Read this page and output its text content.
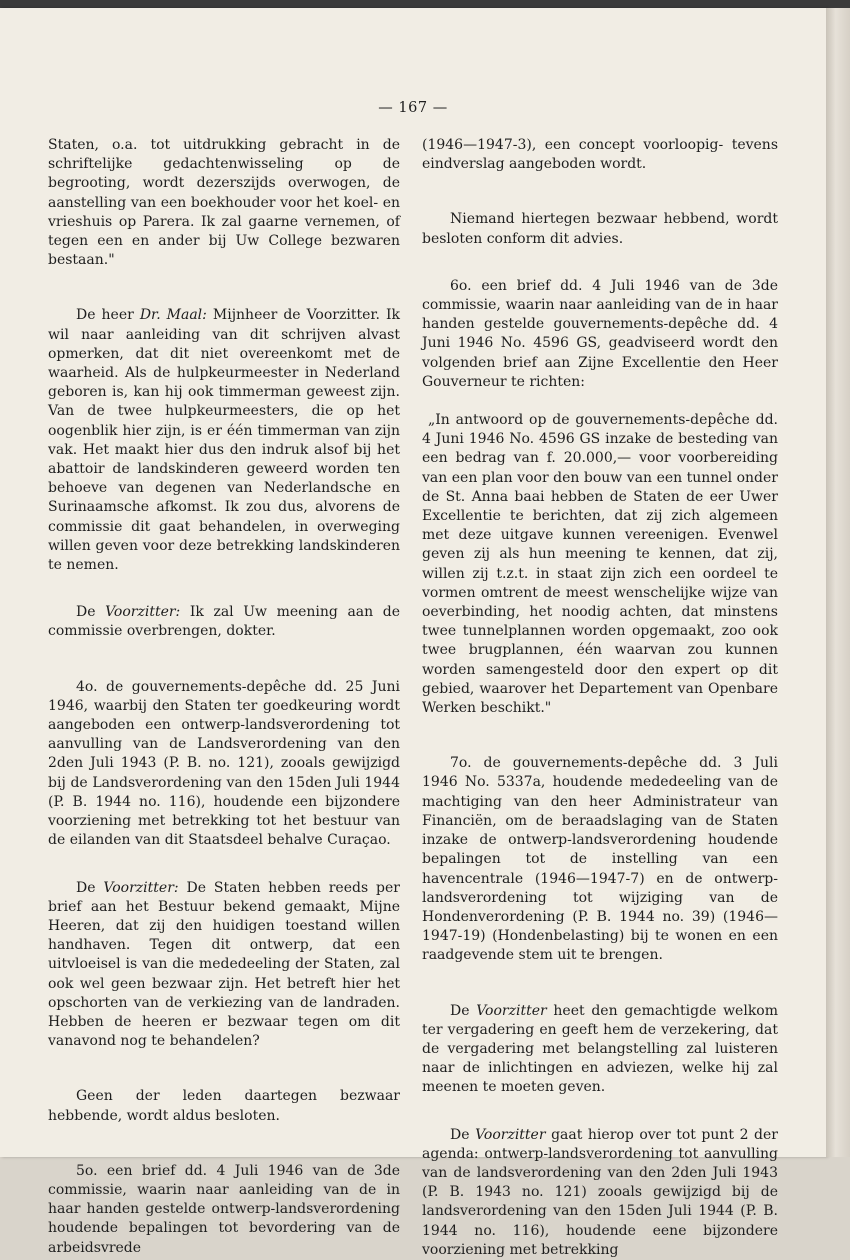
— 167 —

Staten, o.a. tot uitdrukking gebracht in de schriftelijke gedachtenwisseling op de begrooting, wordt dezerszijds overwogen, de aanstelling van een boekhouder voor het koel- en vrieshuis op Parera. Ik zal gaarne vernemen, of tegen een en ander bij Uw College bezwaren bestaan."

De heer Dr. Maal: Mijnheer de Voorzitter. Ik wil naar aanleiding van dit schrijven alvast opmerken, dat dit niet overeenkomt met de waarheid. Als de hulpkeurmeester in Nederland geboren is, kan hij ook timmerman geweest zijn. Van de twee hulpkeurmeesters, die op het oogenblik hier zijn, is er één timmerman van zijn vak. Het maakt hier dus den indruk alsof bij het abattoir de landskinderen geweerd worden ten behoeve van degenen van Nederlandsche en Surinaamsche afkomst. Ik zou dus, alvorens de commissie dit gaat behandelen, in overweging willen geven voor deze betrekking landskinderen te nemen.

De Voorzitter: Ik zal Uw meening aan de commissie overbrengen, dokter.

4o. de gouvernements-depêche dd. 25 Juni 1946, waarbij den Staten ter goedkeuring wordt aangeboden een ontwerp-landsverordening tot aanvulling van de Landsverordening van den 2den Juli 1943 (P. B. no. 121), zooals gewijzigd bij de Landsverordening van den 15den Juli 1944 (P. B. 1944 no. 116), houdende een bijzondere voorziening met betrekking tot het bestuur van de eilanden van dit Staatsdeel behalve Curaçao.

De Voorzitter: De Staten hebben reeds per brief aan het Bestuur bekend gemaakt, Mijne Heeren, dat zij den huidigen toestand willen handhaven. Tegen dit ontwerp, dat een uitvloeisel is van die mededeeling der Staten, zal ook wel geen bezwaar zijn. Het betreft hier het opschorten van de verkiezing van de landraden. Hebben de heeren er bezwaar tegen om dit vanavond nog te behandelen?

Geen der leden daartegen bezwaar hebbende, wordt aldus besloten.

5o. een brief dd. 4 Juli 1946 van de 3de commissie, waarin naar aanleiding van de in haar handen gestelde ontwerp-landsverordening houdende bepalingen tot bevordering van de arbeidsvrede

(1946—1947-3), een concept voorloopig- tevens eindverslag aangeboden wordt.

Niemand hiertegen bezwaar hebbend, wordt besloten conform dit advies.

6o. een brief dd. 4 Juli 1946 van de 3de commissie, waarin naar aanleiding van de in haar handen gestelde gouvernements-depêche dd. 4 Juni 1946 No. 4596 GS, geadviseerd wordt den volgenden brief aan Zijne Excellentie den Heer Gouverneur te richten:

„In antwoord op de gouvernements-depêche dd. 4 Juni 1946 No. 4596 GS inzake de besteding van een bedrag van f. 20.000,— voor voorbereiding van een plan voor den bouw van een tunnel onder de St. Anna baai hebben de Staten de eer Uwer Excellentie te berichten, dat zij zich algemeen met deze uitgave kunnen vereenigen. Evenwel geven zij als hun meening te kennen, dat zij, willen zij t.z.t. in staat zijn zich een oordeel te vormen omtrent de meest wenschelijke wijze van oeverbinding, het noodig achten, dat minstens twee tunnelplannen worden opgemaakt, zoo ook twee brugplannen, één waarvan zou kunnen worden samengesteld door den expert op dit gebied, waarover het Departement van Openbare Werken beschikt."

7o. de gouvernements-depêche dd. 3 Juli 1946 No. 5337a, houdende mededeeling van de machtiging van den heer Administrateur van Financiën, om de beraadslaging van de Staten inzake de ontwerp-landsverordening houdende bepalingen tot de instelling van een havencentrale (1946—1947-7) en de ontwerp-landsverordening tot wijziging van de Hondenverordening (P. B. 1944 no. 39) (1946—1947-19) (Hondenbelasting) bij te wonen en een raadgevende stem uit te brengen.

De Voorzitter heet den gemachtigde welkom ter vergadering en geeft hem de verzekering, dat de vergadering met belangstelling zal luisteren naar de inlichtingen en adviezen, welke hij zal meenen te moeten geven.

De Voorzitter gaat hierop over tot punt 2 der agenda: ontwerp-landsverordening tot aanvulling van de landsverordening van den 2den Juli 1943 (P. B. 1943 no. 121) zooals gewijzigd bij de landsverordening van den 15den Juli 1944 (P. B. 1944 no. 116), houdende eene bijzondere voorziening met betrekking
